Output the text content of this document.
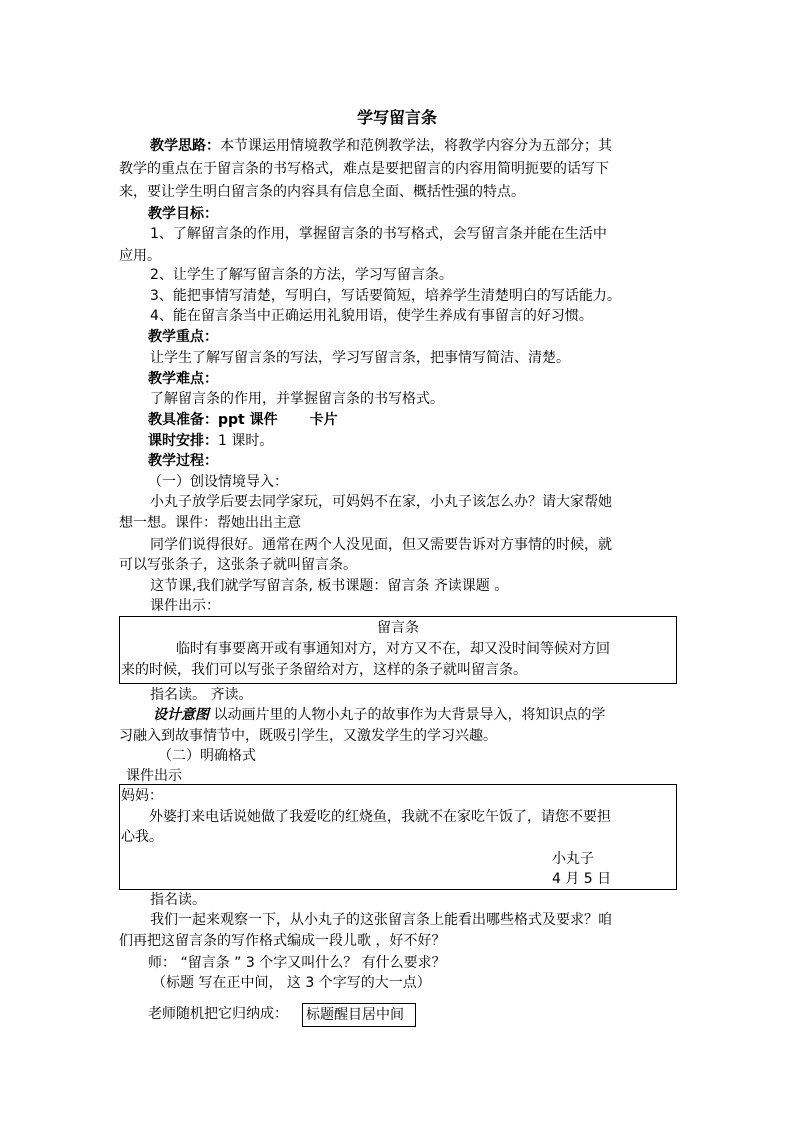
学写留言条
教学思路：本节课运用情境教学和范例教学法，将教学内容分为五部分；其
教学的重点在于留言条的书写格式，难点是要把留言的内容用简明扼要的话写下
来，要让学生明白留言条的内容具有信息全面、概括性强的特点。
教学目标：
1、了解留言条的作用，掌握留言条的书写格式，会写留言条并能在生活中
应用。
2、让学生了解写留言条的方法，学习写留言条。
3、能把事情写清楚，写明白，写话要简短，培养学生清楚明白的写话能力。
4、能在留言条当中正确运用礼貌用语，使学生养成有事留言的好习惯。
教学重点：
让学生了解写留言条的写法，学习写留言条，把事情写简洁、清楚。
教学难点：
了解留言条的作用，并掌握留言条的书写格式。
教具准备：ppt 课件 卡片
课时安排：1 课时。
教学过程：
（一）创设情境导入：
小丸子放学后要去同学家玩，可妈妈不在家，小丸子该怎么办？请大家帮她
想一想。课件：帮她出出主意
同学们说得很好。通常在两个人没见面，但又需要告诉对方事情的时候，就
可以写张条子，这张条子就叫留言条。
这节课,我们就学写留言条, 板书课题：留言条 齐读课题 。
课件出示：
留言条
临时有事要离开或有事通知对方，对方又不在，却又没时间等候对方回
来的时候，我们可以写张子条留给对方，这样的条子就叫留言条。
指名读。 齐读。
设计意图 以动画片里的人物小丸子的故事作为大背景导入，将知识点的学
习融入到故事情节中，既吸引学生，又激发学生的学习兴趣。
（二）明确格式
课件出示
妈妈：
外婆打来电话说她做了我爱吃的红烧鱼，我就不在家吃午饭了，请您不要担
心我。
小丸子
4 月 5 日
指名读。
我们一起来观察一下，从小丸子的这张留言条上能看出哪些格式及要求？咱
们再把这留言条的写作格式编成一段儿歌 ，好不好？
师： “留言条 ” 3 个字又叫什么？ 有什么要求？
（标题 写在正中间， 这 3 个字写的大一点）
老师随机把它归纳成： 标题醒目居中间
